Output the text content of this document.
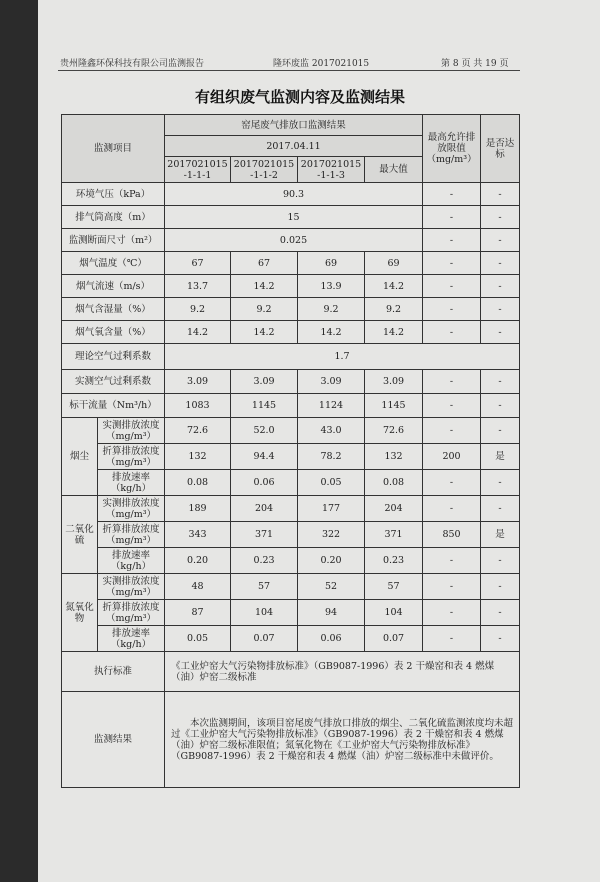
贵州隆鑫环保科技有限公司监测报告	隆环废监 2017021015	第 8 页 共 19 页
有组织废气监测内容及监测结果
监测项目		窑尾废气排放口监测结果				最高允许排放限值（mg/m³）	是否达标
		2017.04.11					
		2017021015 -1-1-1	2017021015 -1-1-2	2017021015 -1-1-3	最大值		
环境气压（kPa）		90.3				-	-
排气筒高度（m）		15				-	-
监测断面尺寸（m²）		0.025				-	-
烟气温度（℃）		67	67	69	69	-	-
烟气流速（m/s）		13.7	14.2	13.9	14.2	-	-
烟气含湿量（%）		9.2	9.2	9.2	9.2	-	-
烟气氧含量（%）		14.2	14.2	14.2	14.2	-	-
理论空气过剩系数		1.7					
实测空气过剩系数		3.09	3.09	3.09	3.09	-	-
标干流量（Nm³/h）		1083	1145	1124	1145	-	-
烟尘	实测排放浓度（mg/m³）	72.6	52.0	43.0	72.6	-	-
	折算排放浓度（mg/m³）	132	94.4	78.2	132	200	是
	排放速率（kg/h）	0.08	0.06	0.05	0.08	-	-
二氧化硫	实测排放浓度（mg/m³）	189	204	177	204	-	-
	折算排放浓度（mg/m³）	343	371	322	371	850	是
	排放速率（kg/h）	0.20	0.23	0.20	0.23	-	-
氮氧化物	实测排放浓度（mg/m³）	48	57	52	57	-	-
	折算排放浓度（mg/m³）	87	104	94	104	-	-
	排放速率（kg/h）	0.05	0.07	0.06	0.07	-	-
执行标准		《工业炉窑大气污染物排放标准》（GB9087-1996）表 2 干燥窑和表 4 燃煤（油）炉窑二级标准					
监测结果		本次监测期间，该项目窑尾废气排放口排放的烟尘、二氧化硫监测浓度均未超过《工业炉窑大气污染物排放标准》（GB9087-1996）表 2 干燥窑和表 4 燃煤（油）炉窑二级标准限值；氮氧化物在《工业炉窑大气污染物排放标准》（GB9087-1996）表 2 干燥窑和表 4 燃煤（油）炉窑二级标准中未做评价。					
